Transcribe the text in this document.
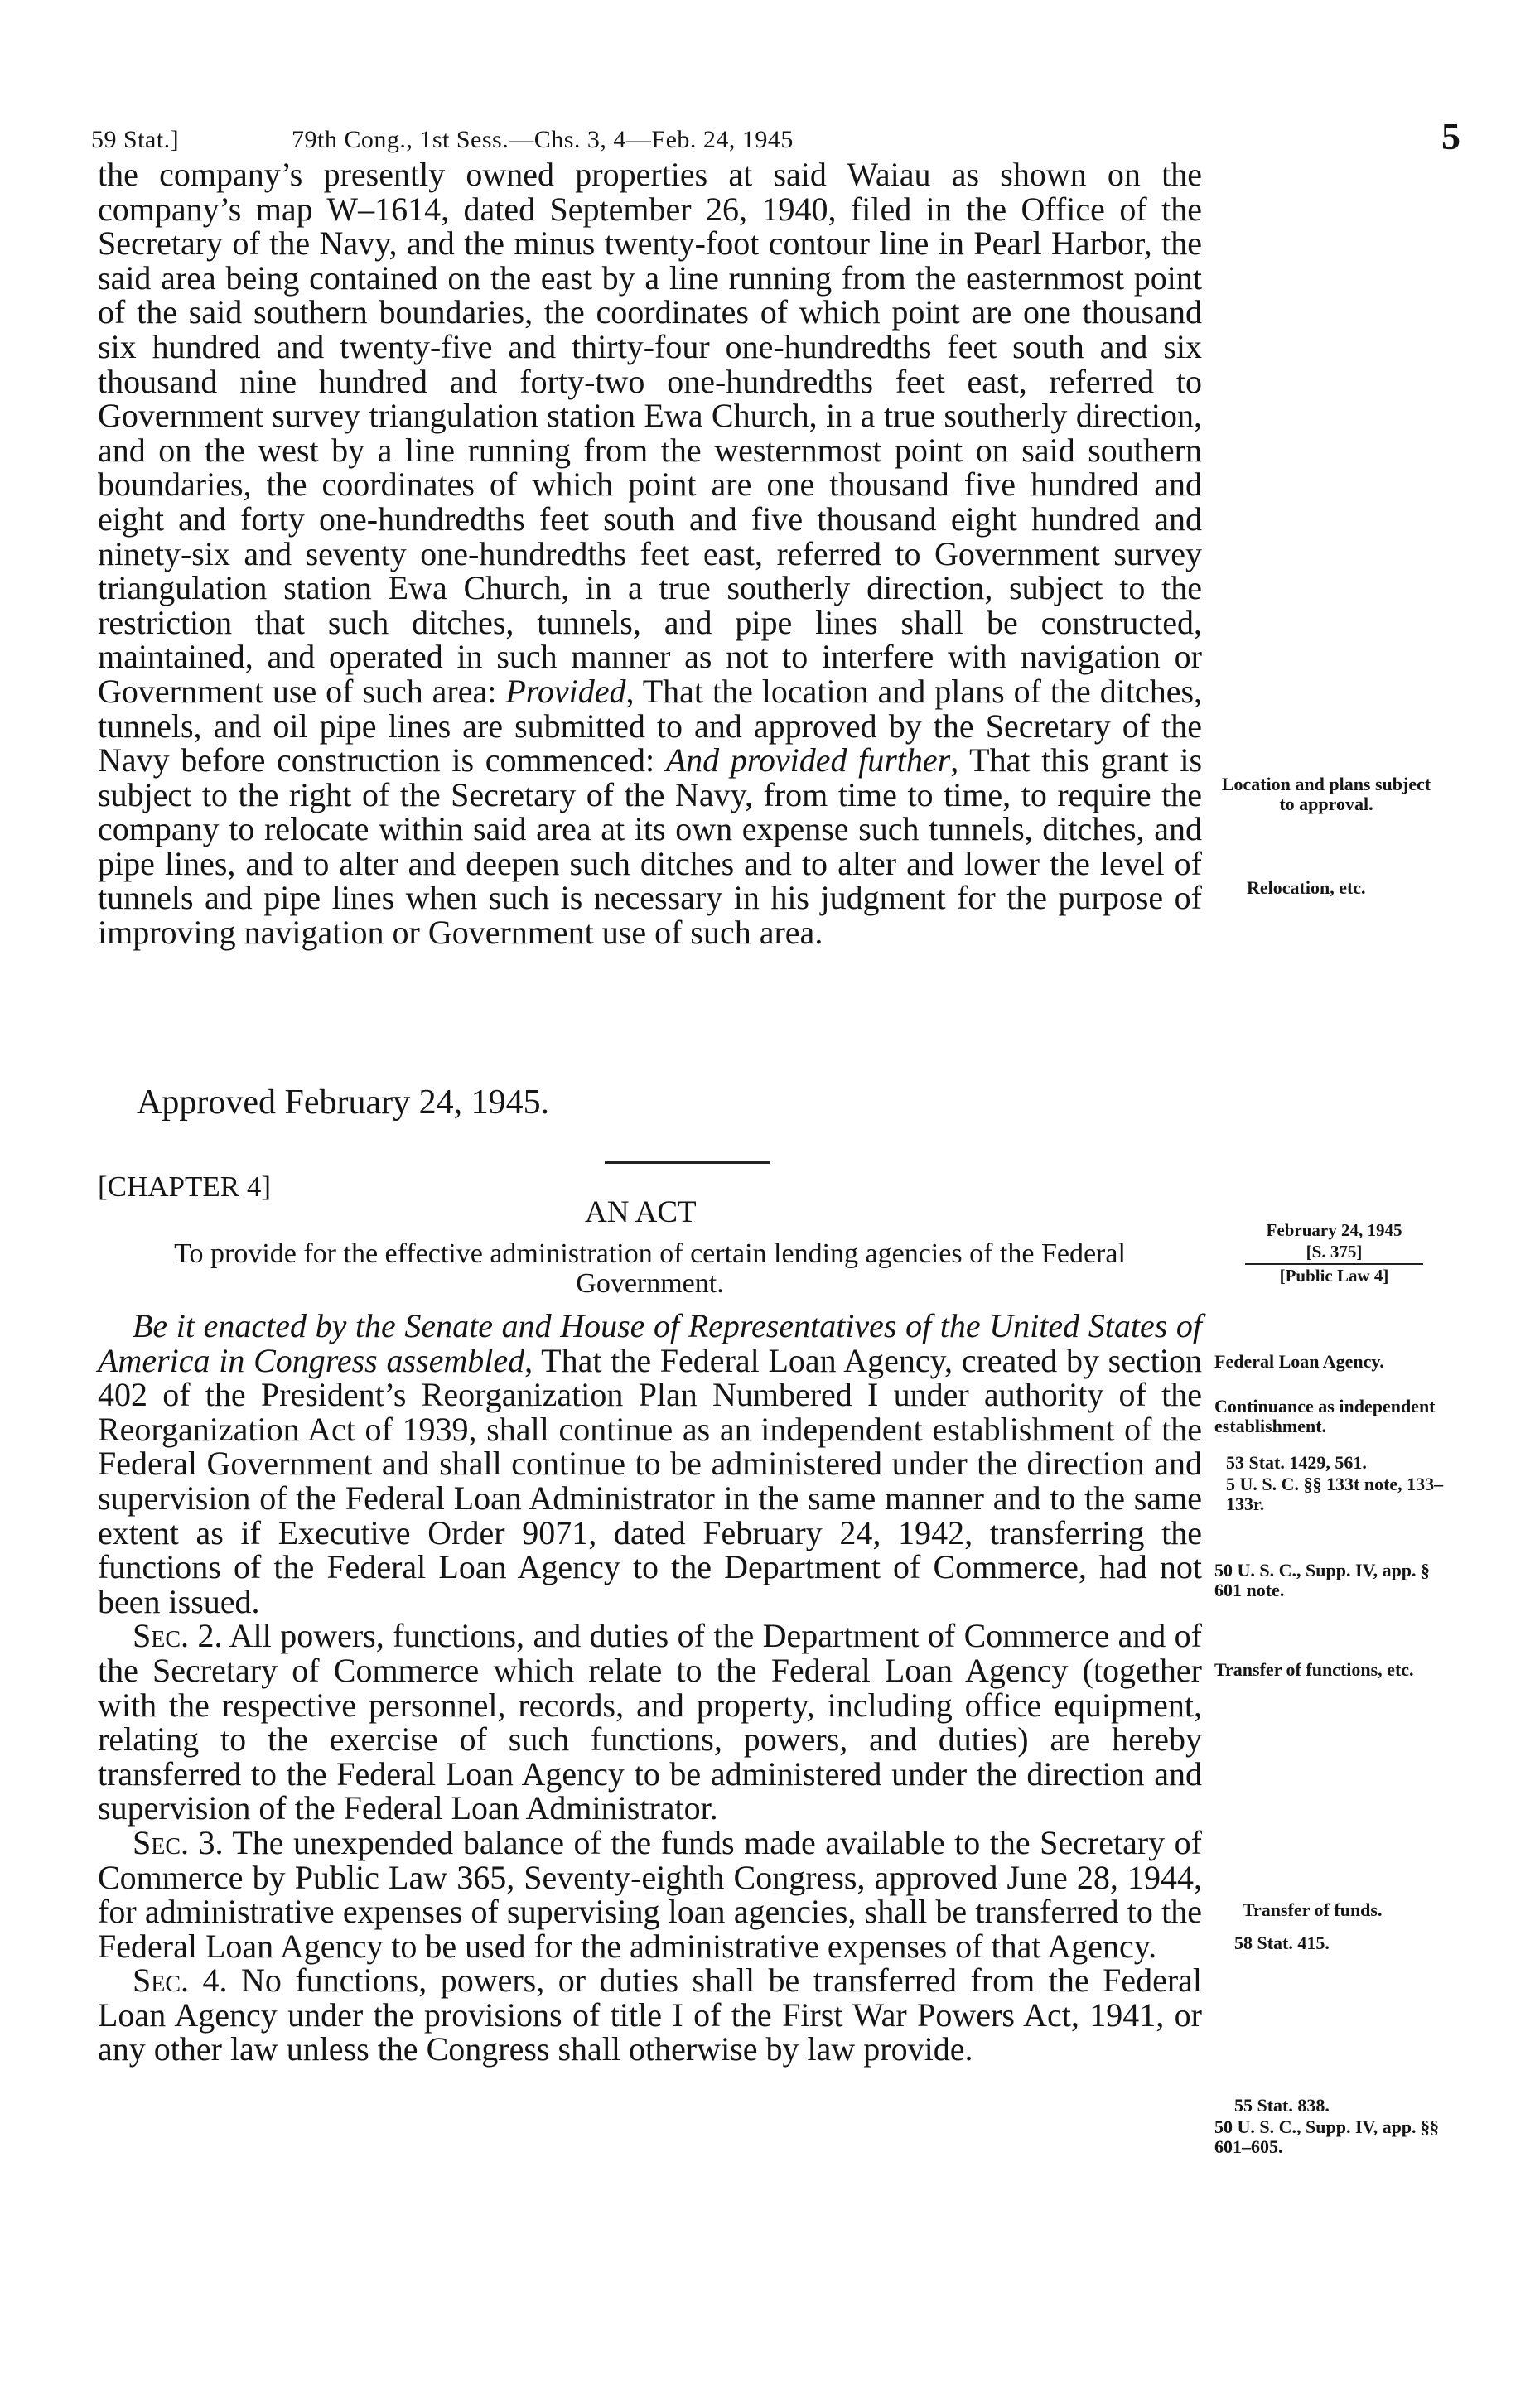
59 Stat.]	79th Cong., 1st Sess.—Chs. 3, 4—Feb. 24, 1945	5

the company’s presently owned properties at said Waiau as shown on the company’s map W–1614, dated September 26, 1940, filed in the Office of the Secretary of the Navy, and the minus twenty-foot contour line in Pearl Harbor, the said area being contained on the east by a line running from the easternmost point of the said southern boundaries, the coordinates of which point are one thousand six hundred and twenty-five and thirty-four one-hundredths feet south and six thousand nine hundred and forty-two one-hundredths feet east, referred to Government survey triangulation station Ewa Church, in a true southerly direction, and on the west by a line running from the westernmost point on said southern boundaries, the coordinates of which point are one thousand five hundred and eight and forty one-hundredths feet south and five thousand eight hundred and ninety-six and seventy one-hundredths feet east, referred to Government survey triangulation station Ewa Church, in a true southerly direction, subject to the restriction that such ditches, tunnels, and pipe lines shall be constructed, maintained, and operated in such manner as not to interfere with navigation or Government use of such area: Provided, That the location and plans of the ditches, tunnels, and oil pipe lines are submitted to and approved by the Secretary of the Navy before construction is commenced: And provided further, That this grant is subject to the right of the Secretary of the Navy, from time to time, to require the company to relocate within said area at its own expense such tunnels, ditches, and pipe lines, and to alter and deepen such ditches and to alter and lower the level of tunnels and pipe lines when such is necessary in his judgment for the purpose of improving navigation or Government use of such area.

Approved February 24, 1945.
[CHAPTER 4]
AN ACT
To provide for the effective administration of certain lending agencies of the Federal Government.
February 24, 1945

[S. 375]
[Public Law 4]

Be it enacted by the Senate and House of Representatives of the United States of America in Congress assembled, That the Federal Loan Agency, created by section 402 of the President’s Reorganization Plan Numbered I under authority of the Reorganization Act of 1939, shall continue as an independent establishment of the Federal Government and shall continue to be administered under the direction and supervision of the Federal Loan Administrator in the same manner and to the same extent as if Executive Order 9071, dated February 24, 1942, transferring the functions of the Federal Loan Agency to the Department of Commerce, had not been issued.

Sec. 2. All powers, functions, and duties of the Department of Commerce and of the Secretary of Commerce which relate to the Federal Loan Agency (together with the respective personnel, records, and property, including office equipment, relating to the exercise of such functions, powers, and duties) are hereby transferred to the Federal Loan Agency to be administered under the direction and supervision of the Federal Loan Administrator.

Sec. 3. The unexpended balance of the funds made available to the Secretary of Commerce by Public Law 365, Seventy-eighth Congress, approved June 28, 1944, for administrative expenses of supervising loan agencies, shall be transferred to the Federal Loan Agency to be used for the administrative expenses of that Agency.

Sec. 4. No functions, powers, or duties shall be transferred from the Federal Loan Agency under the provisions of title I of the First War Powers Act, 1941, or any other law unless the Congress shall otherwise by law provide.

Location and plans subject to approval.
Relocation, etc.
Federal Loan Agency.
Continuance as independent establishment.
53 Stat. 1429, 561.
5 U. S. C. §§ 133t note, 133–133r.
50 U. S. C., Supp. IV, app. § 601 note.
Transfer of functions, etc.
Transfer of funds.
58 Stat. 415.
55 Stat. 838.
50 U. S. C., Supp. IV, app. §§ 601–605.
